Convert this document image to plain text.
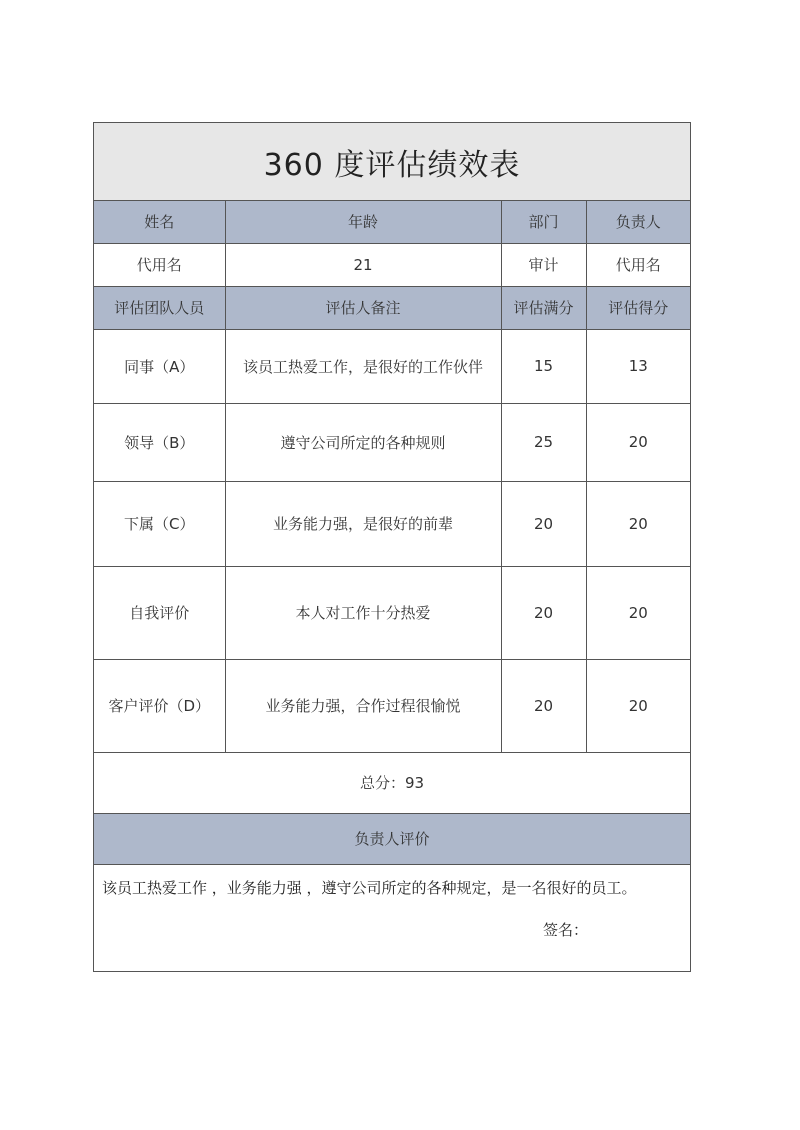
360 度评估绩效表
姓名	年龄	部门	负责人
代用名	21	审计	代用名
评估团队人员	评估人备注	评估满分	评估得分
同事（A）	该员工热爱工作，是很好的工作伙伴	15	13
领导（B）	遵守公司所定的各种规则	25	20
下属（C）	业务能力强，是很好的前辈	20	20
自我评价	本人对工作十分热爱	20	20
客户评价（D）	业务能力强，合作过程很愉悦	20	20
总分：93			
负责人评价			
该员工热爱工作 ，业务能力强 ，遵守公司所定的各种规定，是一名很好的员工。
签名：
